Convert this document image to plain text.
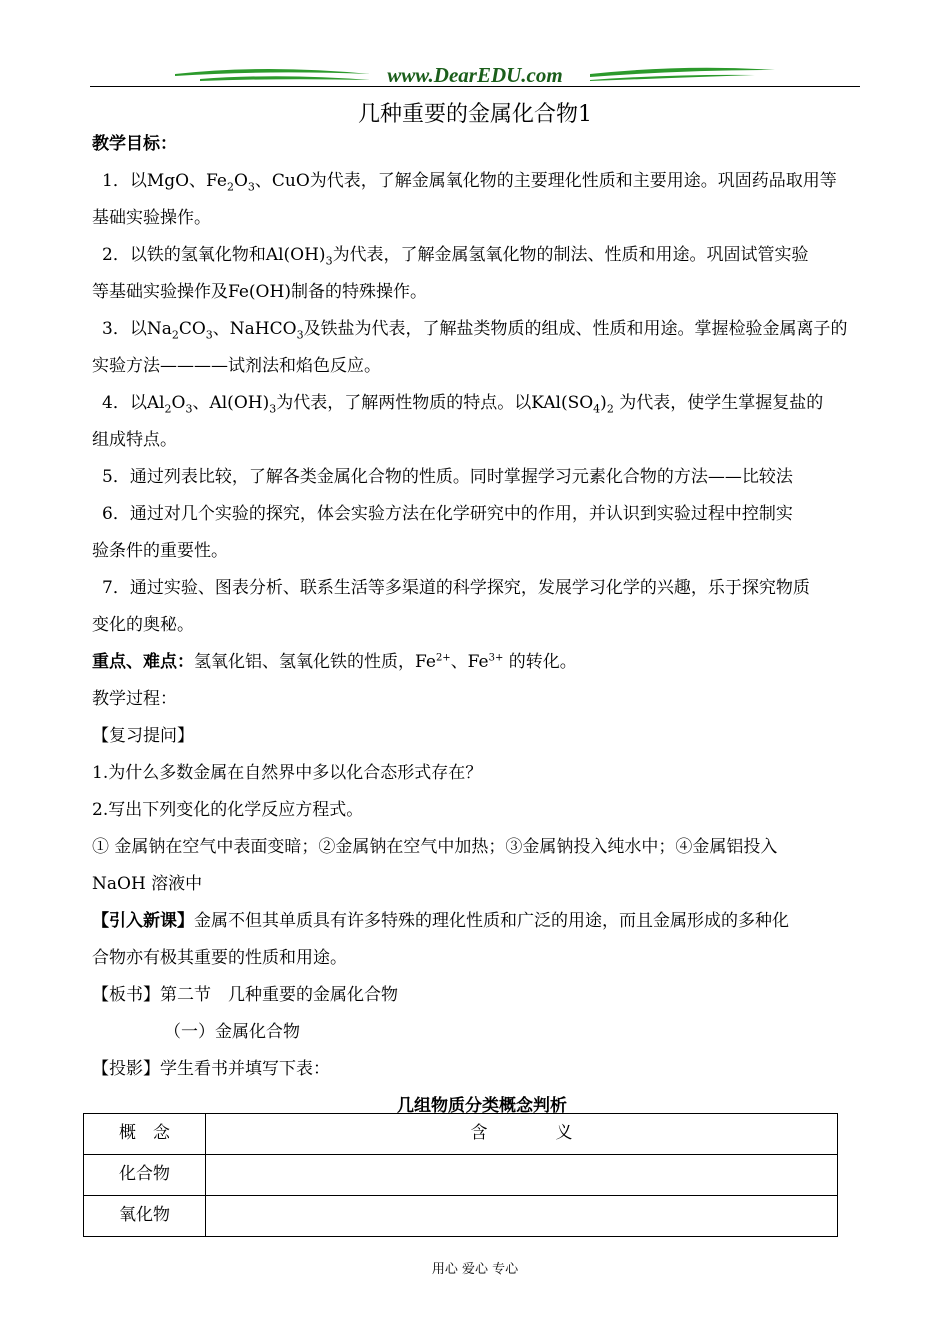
www.DearEDU.com
几种重要的金属化合物1

教学目标：

1．以MgO、$Fe_2O_3$、CuO为代表，了解金属氧化物的主要理化性质和主要用途。巩固药品取用等

基础实验操作。

2．以铁的氢氧化物和$Al(OH)_3$为代表，了解金属氢氧化物的制法、性质和用途。巩固试管实验

等基础实验操作及Fe(OH)制备的特殊操作。

3．以$Na_2CO_3$、NaHCO$_3$及铁盐为代表，了解盐类物质的组成、性质和用途。掌握检验金属离子的

实验方法————试剂法和焰色反应。

4．以$Al_2O_3$、$Al(OH)_3$为代表，了解两性物质的特点。以$KAl(SO_4)_2$ 为代表，使学生掌握复盐的

组成特点。

5．通过列表比较，了解各类金属化合物的性质。同时掌握学习元素化合物的方法——比较法

6．通过对几个实验的探究，体会实验方法在化学研究中的作用，并认识到实验过程中控制实

验条件的重要性。

7．通过实验、图表分析、联系生活等多渠道的科学探究，发展学习化学的兴趣，乐于探究物质

变化的奥秘。

重点、难点：氢氧化铝、氢氧化铁的性质，$Fe^{2+}$、$Fe^{3+}$ 的转化。

教学过程：

【复习提问】

1.为什么多数金属在自然界中多以化合态形式存在？

2.写出下列变化的化学反应方程式。

① 金属钠在空气中表面变暗；②金属钠在空气中加热；③金属钠投入纯水中；④金属铝投入

NaOH 溶液中

【引入新课】金属不但其单质具有许多特殊的理化性质和广泛的用途，而且金属形成的多种化

合物亦有极其重要的性质和用途。

【板书】第二节　几种重要的金属化合物

（一）金属化合物

【投影】学生看书并填写下表：

几组物质分类概念判析

概　念	含　　　　义
化合物	
氧化物	
用心 爱心 专心
